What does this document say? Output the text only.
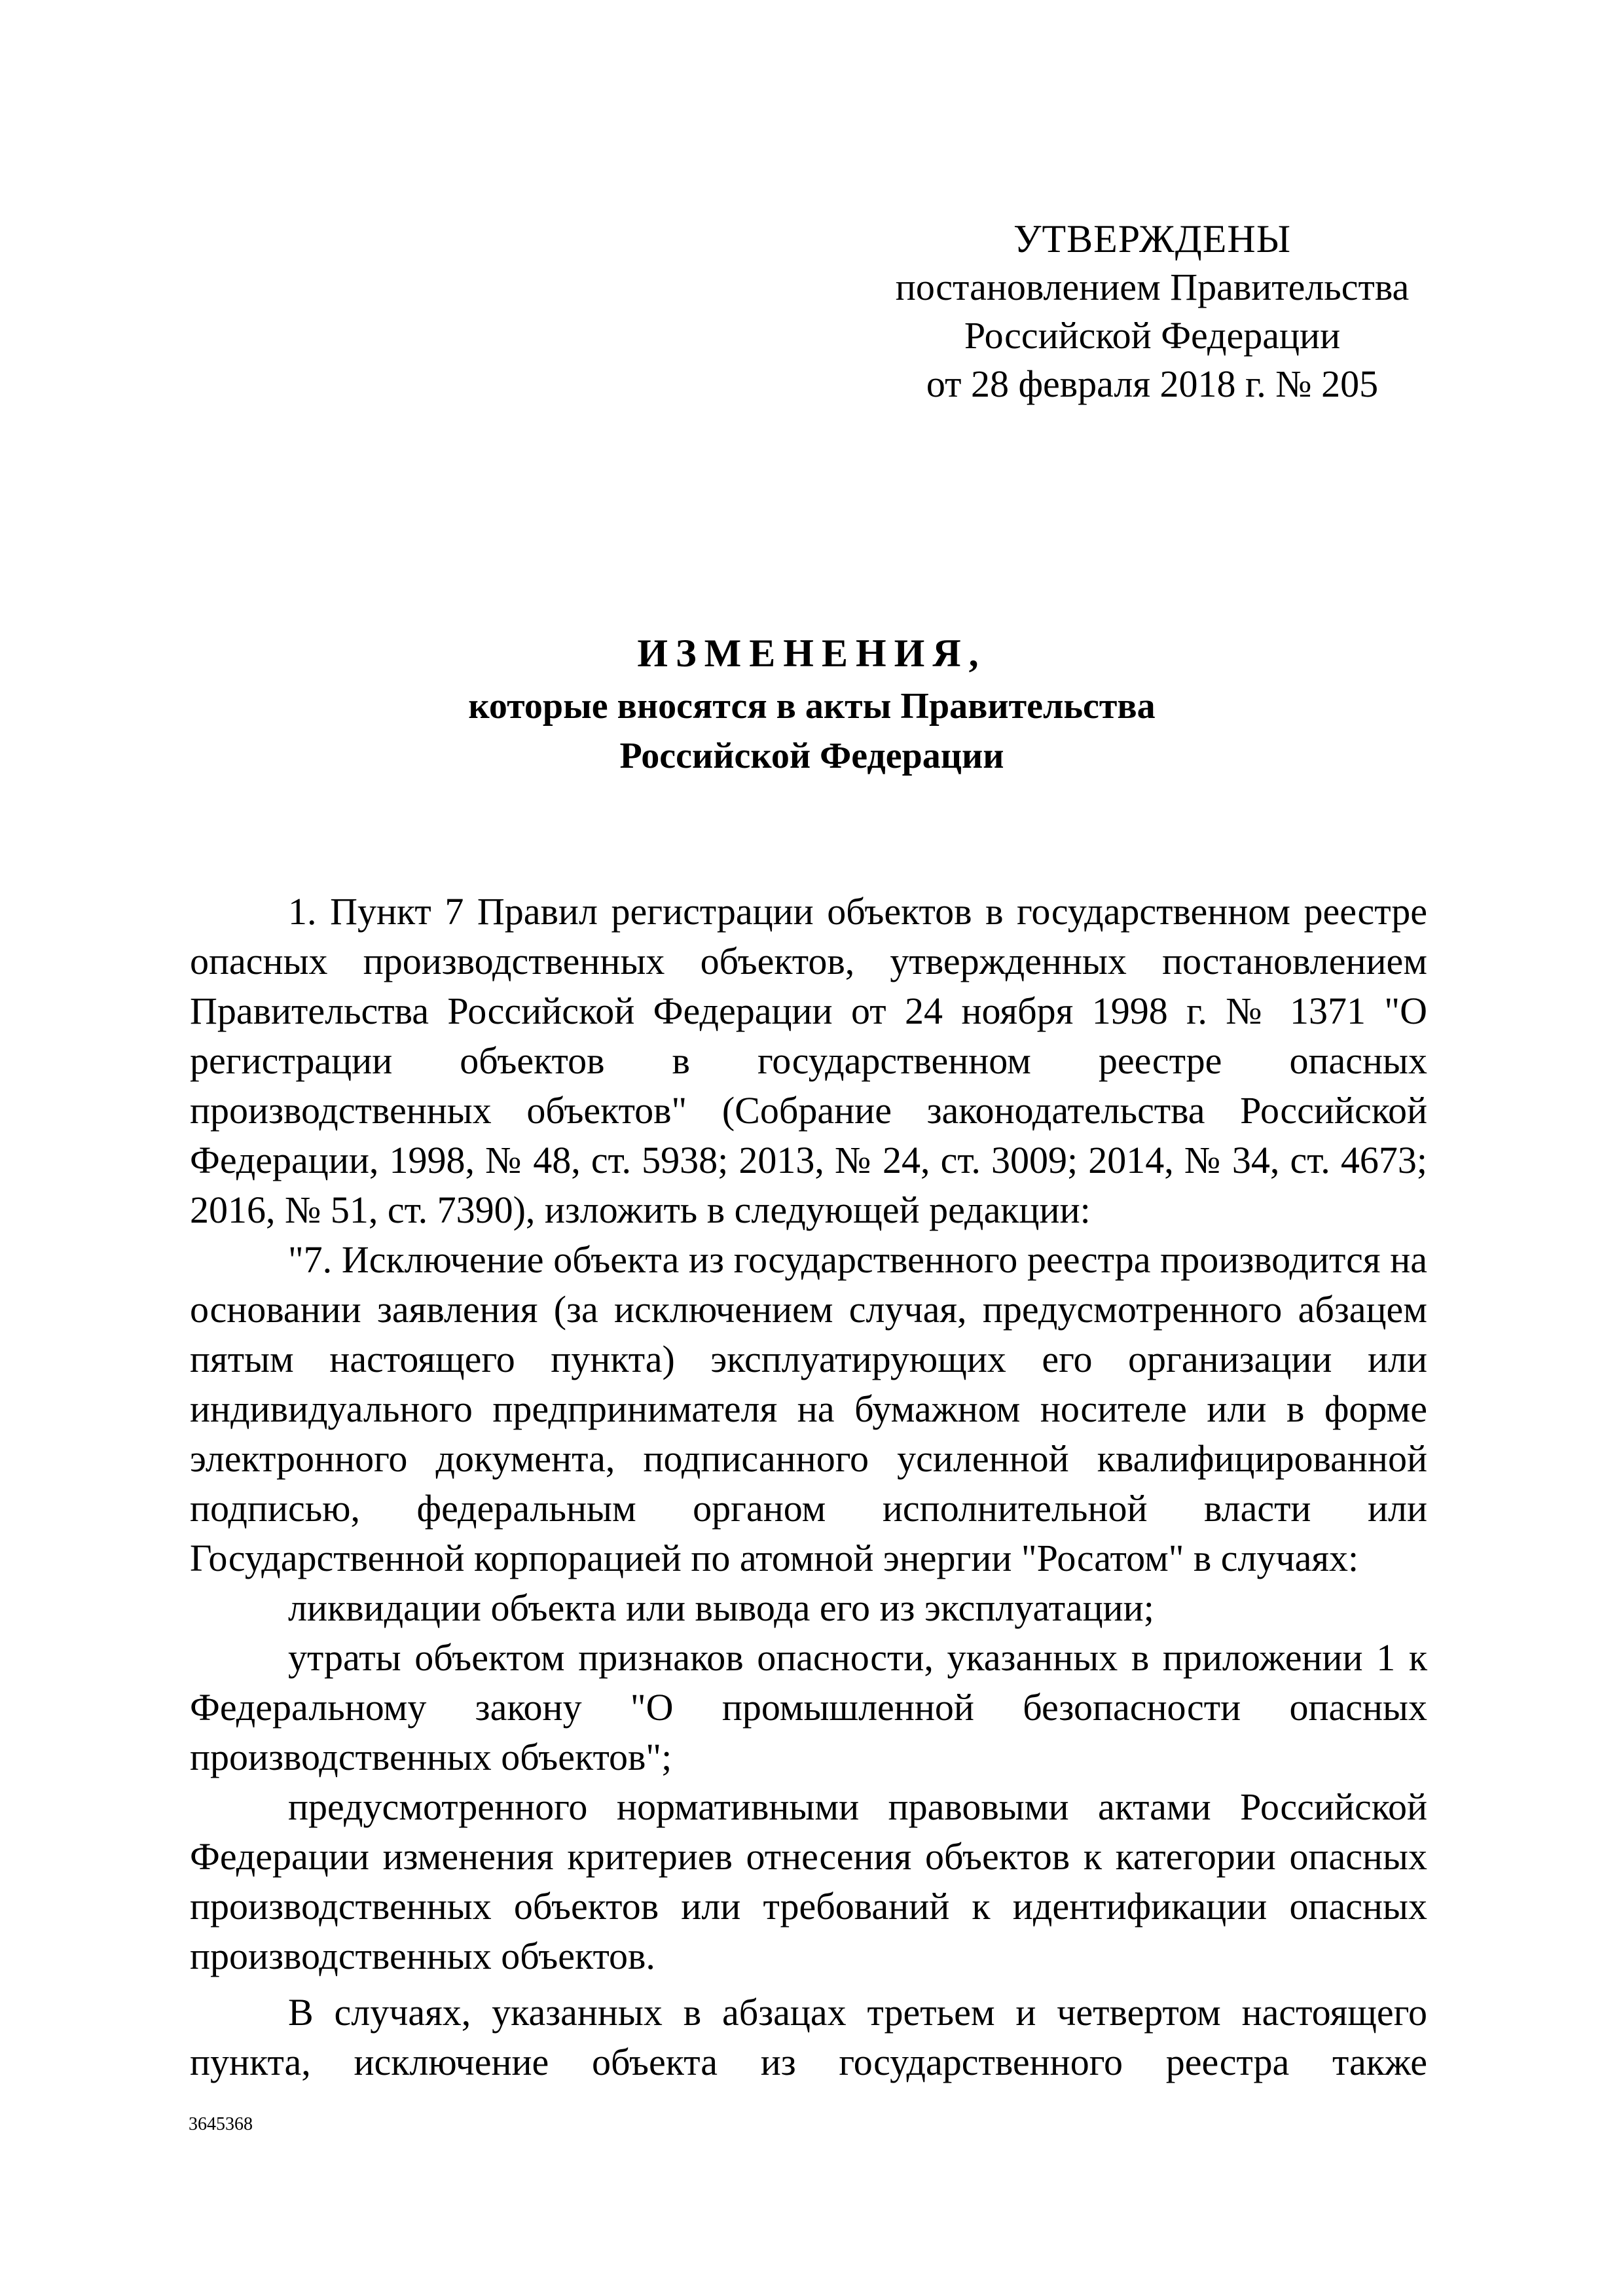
УТВЕРЖДЕНЫ
постановлением Правительства
Российской Федерации
от 28 февраля 2018 г. № 205
ИЗМЕНЕНИЯ,
которые вносятся в акты Правительства
Российской Федерации

1. Пункт 7 Правил регистрации объектов в государственном реестре опасных производственных объектов, утвержденных постановлением Правительства Российской Федерации от 24 ноября 1998 г. № 1371 "О регистрации объектов в государственном реестре опасных производственных объектов" (Собрание законодательства Российской Федерации, 1998, № 48, ст. 5938; 2013, № 24, ст. 3009; 2014, № 34, ст. 4673; 2016, № 51, ст. 7390), изложить в следующей редакции:

"7. Исключение объекта из государственного реестра производится на основании заявления (за исключением случая, предусмотренного абзацем пятым настоящего пункта) эксплуатирующих его организации или индивидуального предпринимателя на бумажном носителе или в форме электронного документа, подписанного усиленной квалифицированной подписью, федеральным органом исполнительной власти или Государственной корпорацией по атомной энергии "Росатом" в случаях:

ликвидации объекта или вывода его из эксплуатации;

утраты объектом признаков опасности, указанных в приложении 1 к Федеральному закону "О промышленной безопасности опасных производственных объектов";

предусмотренного нормативными правовыми актами Российской Федерации изменения критериев отнесения объектов к категории опасных производственных объектов или требований к идентификации опасных производственных объектов.

В случаях, указанных в абзацах третьем и четвертом настоящего пункта, исключение объекта из государственного реестра также

3645368
